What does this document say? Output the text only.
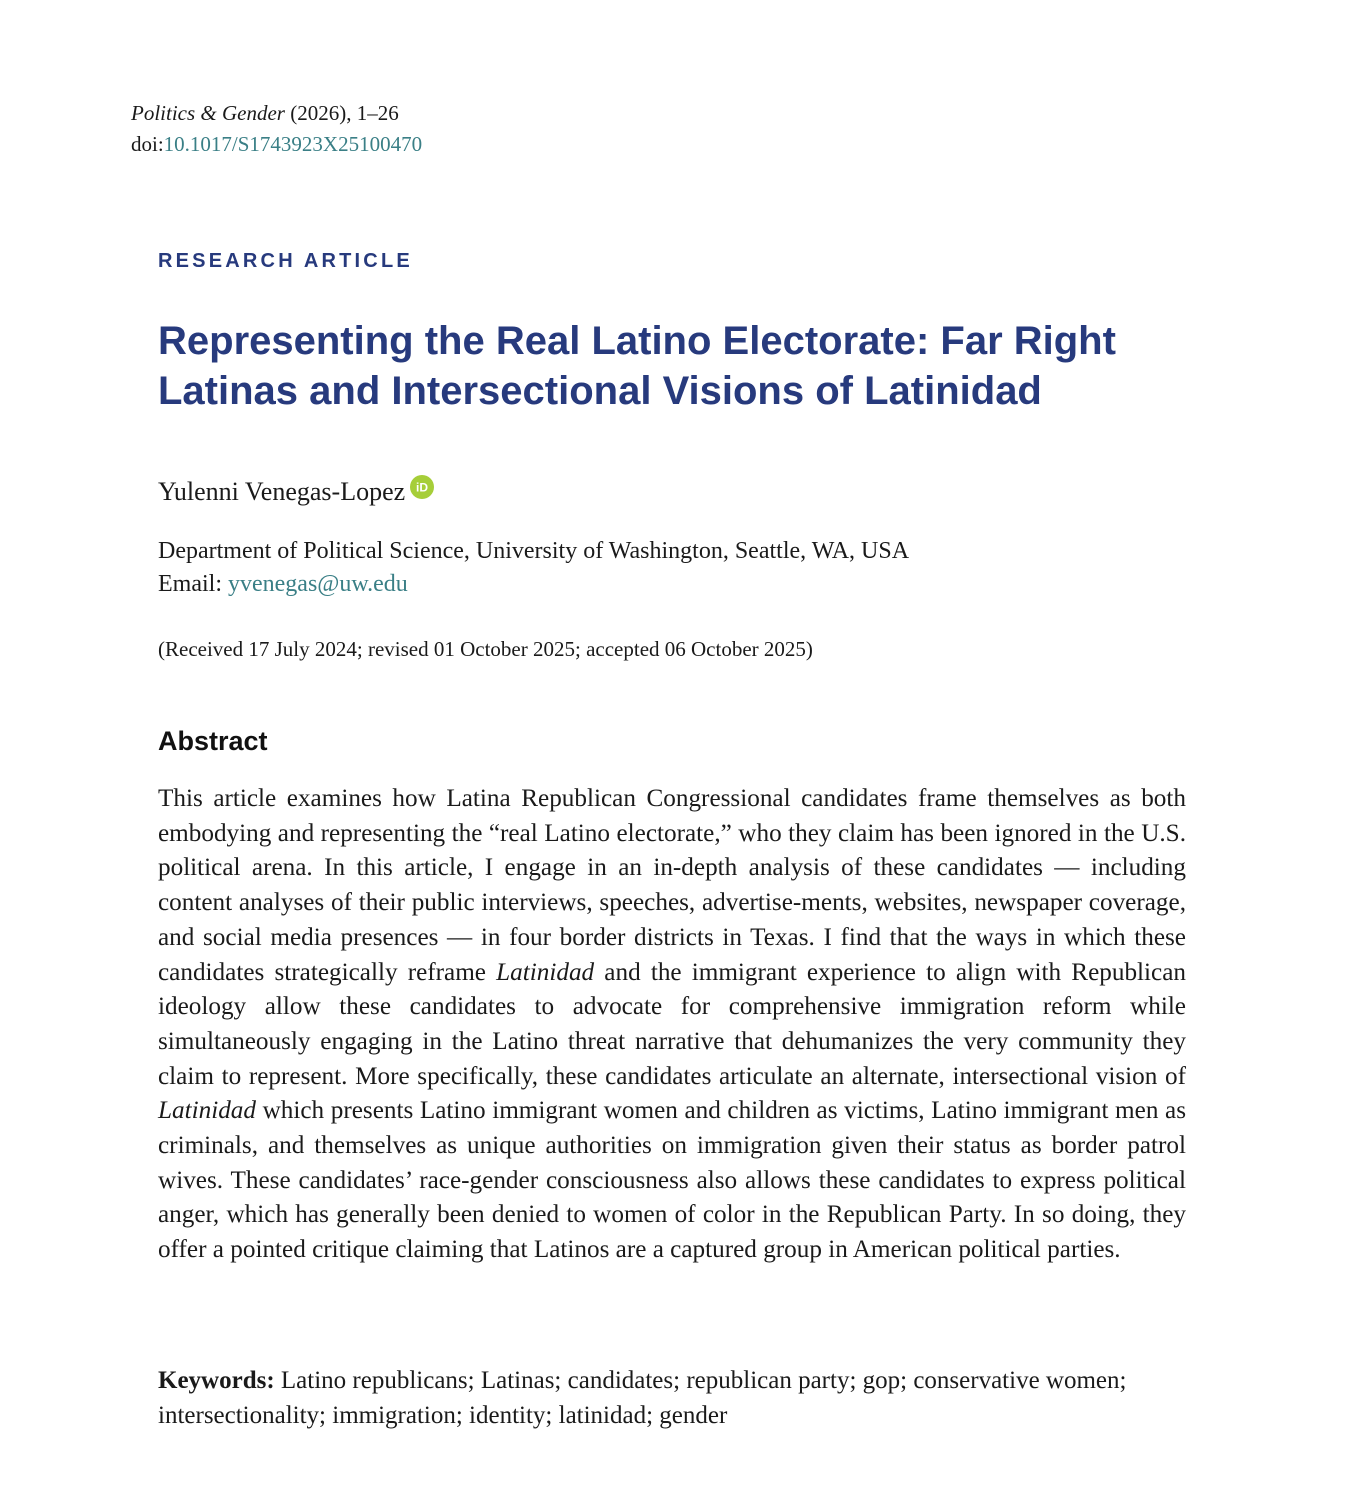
Politics & Gender (2026), 1–26
doi:10.1017/S1743923X25100470
RESEARCH ARTICLE
Representing the Real Latino Electorate: Far Right Latinas and Intersectional Visions of Latinidad
Yulenni Venegas-Lopez iD
Department of Political Science, University of Washington, Seattle, WA, USA
Email: yvenegas@uw.edu
(Received 17 July 2024; revised 01 October 2025; accepted 06 October 2025)
Abstract

This article examines how Latina Republican Congressional candidates frame themselves as both embodying and representing the “real Latino electorate,” who they claim has been ignored in the U.S. political arena. In this article, I engage in an in-depth analysis of these candidates — including content analyses of their public interviews, speeches, advertise-ments, websites, newspaper coverage, and social media presences — in four border districts in Texas. I find that the ways in which these candidates strategically reframe Latinidad and the immigrant experience to align with Republican ideology allow these candidates to advocate for comprehensive immigration reform while simultaneously engaging in the Latino threat narrative that dehumanizes the very community they claim to represent. More specifically, these candidates articulate an alternate, intersectional vision of Latinidad which presents Latino immigrant women and children as victims, Latino immigrant men as criminals, and themselves as unique authorities on immigration given their status as border patrol wives. These candidates’ race-gender consciousness also allows these candidates to express political anger, which has generally been denied to women of color in the Republican Party. In so doing, they offer a pointed critique claiming that Latinos are a captured group in American political parties.

Keywords: Latino republicans; Latinas; candidates; republican party; gop; conservative women; intersectionality; immigration; identity; latinidad; gender
